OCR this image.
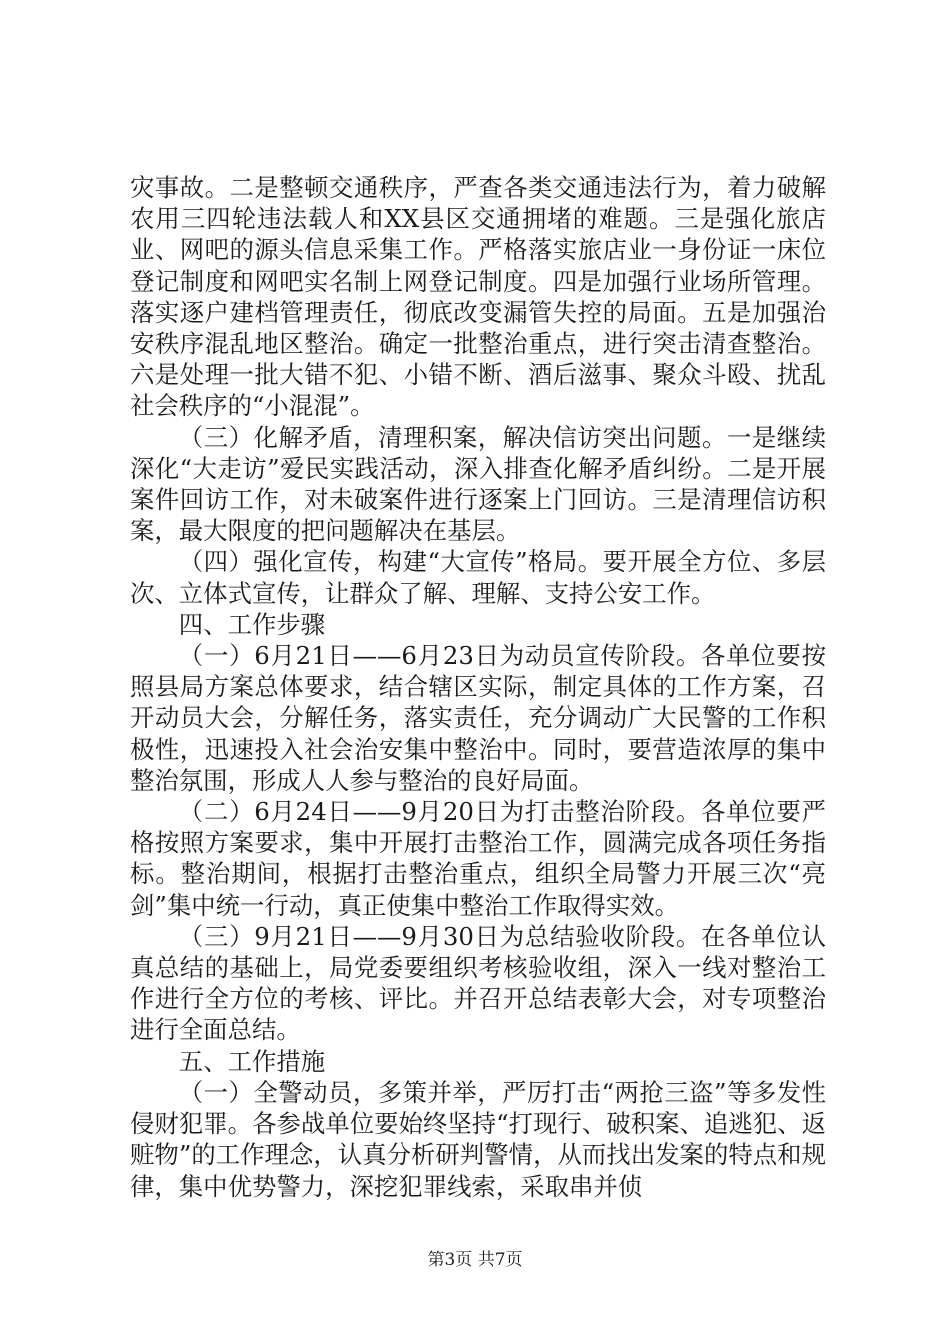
灾事故。二是整顿交通秩序，严查各类交通违法行为，着力破解农用三四轮违法载人和XX县区交通拥堵的难题。三是强化旅店业、网吧的源头信息采集工作。严格落实旅店业一身份证一床位登记制度和网吧实名制上网登记制度。四是加强行业场所管理。落实逐户建档管理责任，彻底改变漏管失控的局面。五是加强治安秩序混乱地区整治。确定一批整治重点，进行突击清查整治。六是处理一批大错不犯、小错不断、酒后滋事、聚众斗殴、扰乱社会秩序的“小混混”。

（三）化解矛盾，清理积案，解决信访突出问题。一是继续深化“大走访”爱民实践活动，深入排查化解矛盾纠纷。二是开展案件回访工作，对未破案件进行逐案上门回访。三是清理信访积案，最大限度的把问题解决在基层。

（四）强化宣传，构建“大宣传”格局。要开展全方位、多层次、立体式宣传，让群众了解、理解、支持公安工作。

四、工作步骤

（一）6月21日——6月23日为动员宣传阶段。各单位要按照县局方案总体要求，结合辖区实际，制定具体的工作方案，召开动员大会，分解任务，落实责任，充分调动广大民警的工作积极性，迅速投入社会治安集中整治中。同时，要营造浓厚的集中整治氛围，形成人人参与整治的良好局面。

（二）6月24日——9月20日为打击整治阶段。各单位要严格按照方案要求，集中开展打击整治工作，圆满完成各项任务指标。整治期间，根据打击整治重点，组织全局警力开展三次“亮剑”集中统一行动，真正使集中整治工作取得实效。

（三）9月21日——9月30日为总结验收阶段。在各单位认真总结的基础上，局党委要组织考核验收组，深入一线对整治工作进行全方位的考核、评比。并召开总结表彰大会，对专项整治进行全面总结。

五、工作措施

（一）全警动员，多策并举，严厉打击“两抢三盗”等多发性侵财犯罪。各参战单位要始终坚持“打现行、破积案、追逃犯、返赃物”的工作理念，认真分析研判警情，从而找出发案的特点和规律，集中优势警力，深挖犯罪线索，采取串并侦

第3页 共7页
